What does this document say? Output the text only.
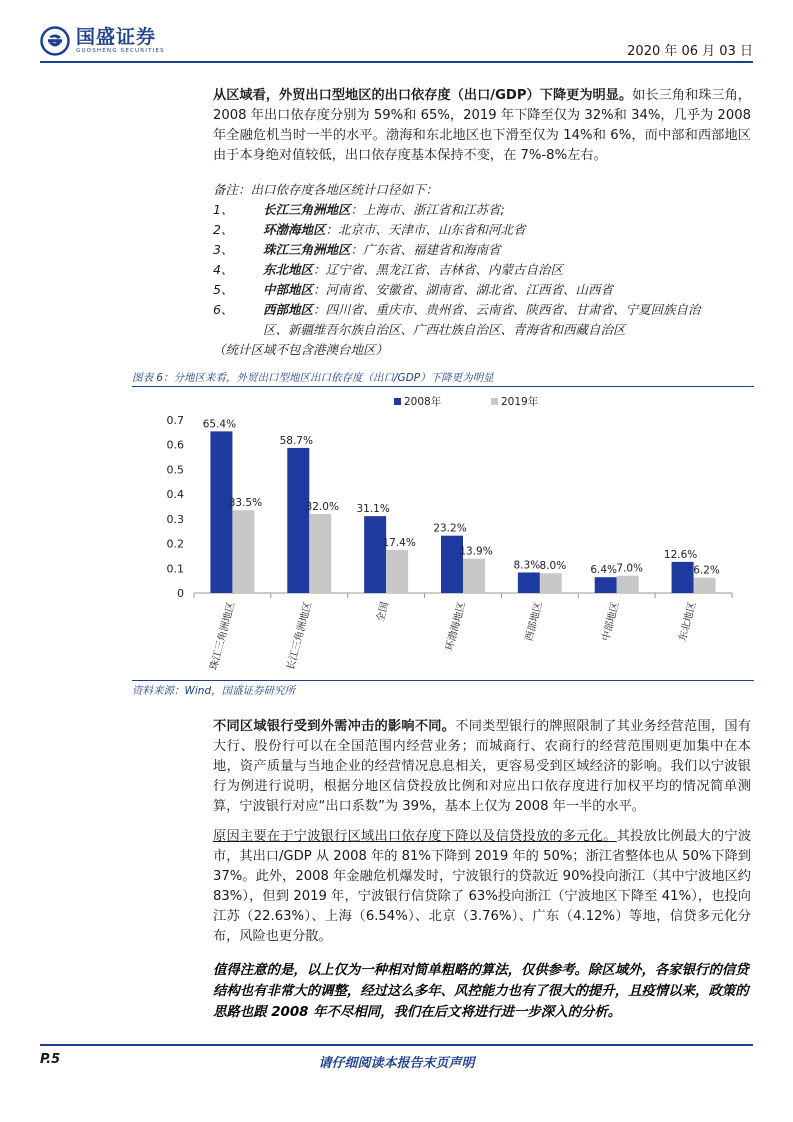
国盛证券
GUOSHENG SECURITIES	2020 年 06 月 03 日
从区域看，外贸出口型地区的出口依存度（出口/GDP）下降更为明显。如长三角和珠三角，2008 年出口依存度分别为 59%和 65%，2019 年下降至仅为 32%和 34%，几乎为 2008 年全融危机当时一半的水平。渤海和东北地区也下滑至仅为 14%和 6%，而中部和西部地区由于本身绝对值较低，出口依存度基本保持不变，在 7%-8%左右。
备注：出口依存度各地区统计口径如下：
1、	长江三角洲地区：上海市、浙江省和江苏省;
2、	环渤海地区：北京市、天津市、山东省和河北省
3、	珠江三角洲地区：广东省、福建省和海南省
4、	东北地区：辽宁省、黑龙江省、吉林省、内蒙古自治区
5、	中部地区：河南省、安徽省、湖南省、湖北省、江西省、山西省
6、	西部地区：四川省、重庆市、贵州省、云南省、陕西省、甘肃省、宁夏回族自治
区、新疆维吾尔族自治区、广西壮族自治区、青海省和西藏自治区
（统计区域不包含港澳台地区）
图表 6：分地区来看，外贸出口型地区出口依存度（出口/GDP）下降更为明显
2008年	2019年
0
0.1
0.2
0.3
0.4
0.5
0.6
0.7
珠江三角洲地区	长江三角洲地区	全国	环渤海地区	西部地区	中部地区	东北地区
65.4%
33.5%
58.7%
32.0% 31.1%
17.4%
23.2%
13.9%
8.3% 8.0% 6.4% 7.0%
12.6%
6.2%
资料来源：Wind，国盛证券研究所
不同区域银行受到外需冲击的影响不同。不同类型银行的牌照限制了其业务经营范围，国有大行、股份行可以在全国范围内经营业务；而城商行、农商行的经营范围则更加集中在本地，资产质量与当地企业的经营情况息息相关，更容易受到区域经济的影响。我们以宁波银行为例进行说明，根据分地区信贷投放比例和对应出口依存度进行加权平均的情况简单测算，宁波银行对应“出口系数”为 39%，基本上仅为 2008 年一半的水平。
原因主要在于宁波银行区域出口依存度下降以及信贷投放的多元化。其投放比例最大的宁波市，其出口/GDP 从 2008 年的 81%下降到 2019 年的 50%；浙江省整体也从 50%下降到 37%。此外，2008 年金融危机爆发时，宁波银行的贷款近 90%投向浙江（其中宁波地区约 83%），但到 2019 年，宁波银行信贷除了 63%投向浙江（宁波地区下降至 41%），也投向江苏（22.63%）、上海（6.54%）、北京（3.76%）、广东（4.12%）等地，信贷多元化分布，风险也更分散。
值得注意的是，以上仅为一种相对简单粗略的算法，仅供参考。除区域外，各家银行的信贷结构也有非常大的调整，经过这么多年、风控能力也有了很大的提升，且疫情以来，政策的思路也跟 2008 年不尽相同，我们在后文将进行进一步深入的分析。
请仔细阅读本报告末页声明
P.5
